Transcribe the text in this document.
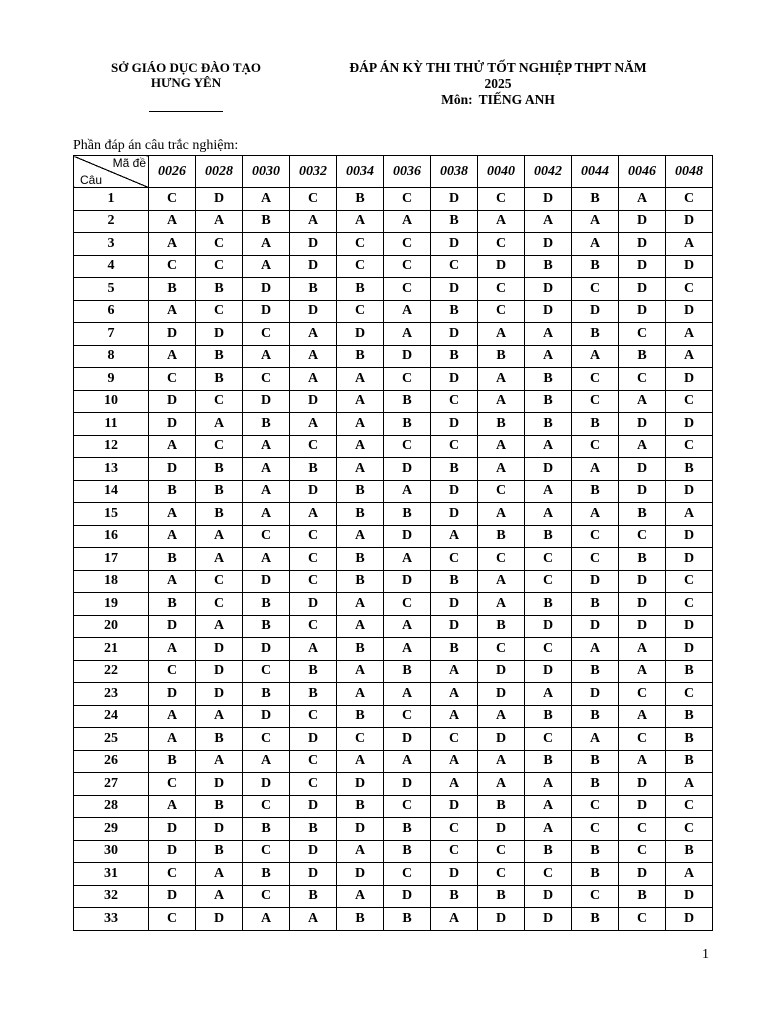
SỞ GIÁO DỤC ĐÀO TẠO
HƯNG YÊN
ĐÁP ÁN KỲ THI THỬ TỐT NGHIỆP THPT NĂM
2025
Môn: TIẾNG ANH
Phần đáp án câu trắc nghiệm:
Mã đề
Câu	0026	0028	0030	0032	0034	0036	0038	0040	0042	0044	0046	0048
1	C	D	A	C	B	C	D	C	D	B	A	C
2	A	A	B	A	A	A	B	A	A	A	D	D
3	A	C	A	D	C	C	D	C	D	A	D	A
4	C	C	A	D	C	C	C	D	B	B	D	D
5	B	B	D	B	B	C	D	C	D	C	D	C
6	A	C	D	D	C	A	B	C	D	D	D	D
7	D	D	C	A	D	A	D	A	A	B	C	A
8	A	B	A	A	B	D	B	B	A	A	B	A
9	C	B	C	A	A	C	D	A	B	C	C	D
10	D	C	D	D	A	B	C	A	B	C	A	C
11	D	A	B	A	A	B	D	B	B	B	D	D
12	A	C	A	C	A	C	C	A	A	C	A	C
13	D	B	A	B	A	D	B	A	D	A	D	B
14	B	B	A	D	B	A	D	C	A	B	D	D
15	A	B	A	A	B	B	D	A	A	A	B	A
16	A	A	C	C	A	D	A	B	B	C	C	D
17	B	A	A	C	B	A	C	C	C	C	B	D
18	A	C	D	C	B	D	B	A	C	D	D	C
19	B	C	B	D	A	C	D	A	B	B	D	C
20	D	A	B	C	A	A	D	B	D	D	D	D
21	A	D	D	A	B	A	B	C	C	A	A	D
22	C	D	C	B	A	B	A	D	D	B	A	B
23	D	D	B	B	A	A	A	D	A	D	C	C
24	A	A	D	C	B	C	A	A	B	B	A	B
25	A	B	C	D	C	D	C	D	C	A	C	B
26	B	A	A	C	A	A	A	A	B	B	A	B
27	C	D	D	C	D	D	A	A	A	B	D	A
28	A	B	C	D	B	C	D	B	A	C	D	C
29	D	D	B	B	D	B	C	D	A	C	C	C
30	D	B	C	D	A	B	C	C	B	B	C	B
31	C	A	B	D	D	C	D	C	C	B	D	A
32	D	A	C	B	A	D	B	B	D	C	B	D
33	C	D	A	A	B	B	A	D	D	B	C	D
1
